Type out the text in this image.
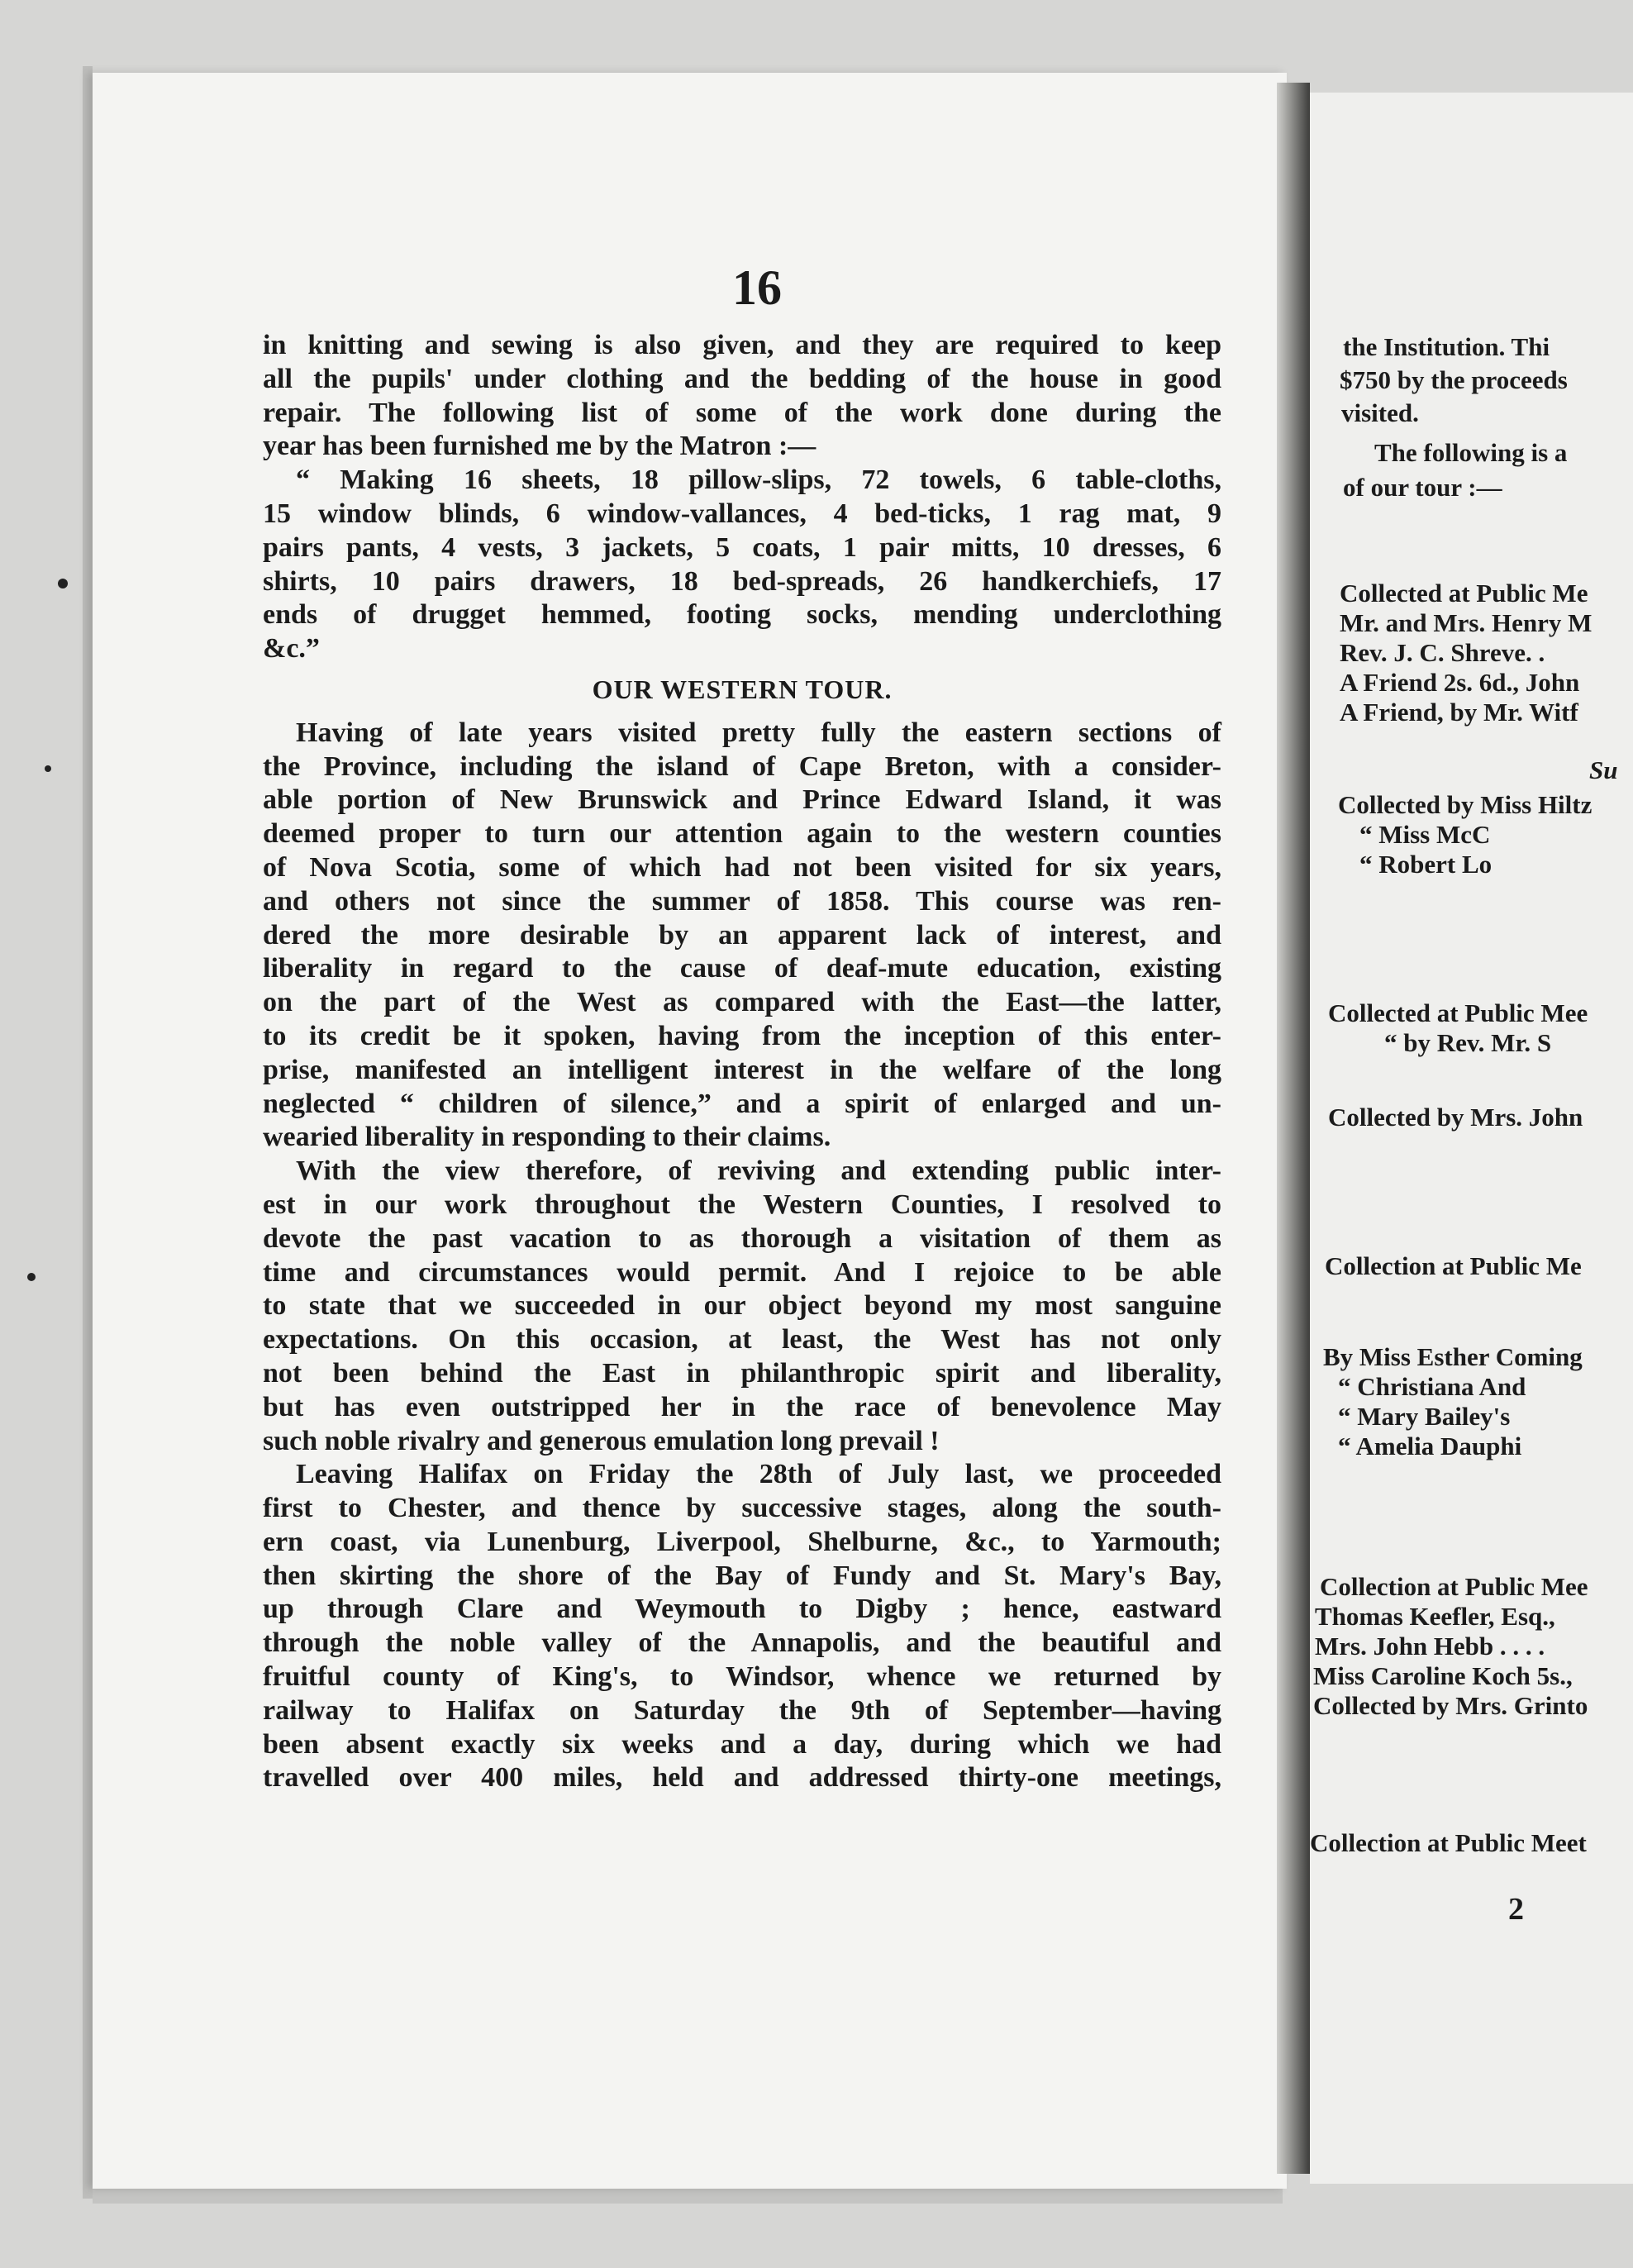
16
in knitting and sewing is also given, and they are required to keep
all the pupils' under clothing and the bedding of the house in good
repair. The following list of some of the work done during the
year has been furnished me by the Matron :—
“ Making 16 sheets, 18 pillow-slips, 72 towels, 6 table-cloths,
15 window blinds, 6 window-vallances, 4 bed-ticks, 1 rag mat, 9
pairs pants, 4 vests, 3 jackets, 5 coats, 1 pair mitts, 10 dresses, 6
shirts, 10 pairs drawers, 18 bed-spreads, 26 handkerchiefs, 17
ends of drugget hemmed, footing socks, mending underclothing
&c.”
OUR WESTERN TOUR.
Having of late years visited pretty fully the eastern sections of
the Province, including the island of Cape Breton, with a consider-
able portion of New Brunswick and Prince Edward Island, it was
deemed proper to turn our attention again to the western counties
of Nova Scotia, some of which had not been visited for six years,
and others not since the summer of 1858. This course was ren-
dered the more desirable by an apparent lack of interest, and
liberality in regard to the cause of deaf-mute education, existing
on the part of the West as compared with the East—the latter,
to its credit be it spoken, having from the inception of this enter-
prise, manifested an intelligent interest in the welfare of the long
neglected “ children of silence,” and a spirit of enlarged and un-
wearied liberality in responding to their claims.
With the view therefore, of reviving and extending public inter-
est in our work throughout the Western Counties, I resolved to
devote the past vacation to as thorough a visitation of them as
time and circumstances would permit. And I rejoice to be able
to state that we succeeded in our object beyond my most sanguine
expectations. On this occasion, at least, the West has not only
not been behind the East in philanthropic spirit and liberality,
but has even outstripped her in the race of benevolence May
such noble rivalry and generous emulation long prevail !
Leaving Halifax on Friday the 28th of July last, we proceeded
first to Chester, and thence by successive stages, along the south-
ern coast, via Lunenburg, Liverpool, Shelburne, &c., to Yarmouth;
then skirting the shore of the Bay of Fundy and St. Mary's Bay,
up through Clare and Weymouth to Digby ; hence, eastward
through the noble valley of the Annapolis, and the beautiful and
fruitful county of King's, to Windsor, whence we returned by
railway to Halifax on Saturday the 9th of September—having
been absent exactly six weeks and a day, during which we had
travelled over 400 miles, held and addressed thirty-one meetings,
the Institution. Thi
$750 by the proceeds
visited.
The following is a
of our tour :—
Collected at Public Me
Mr. and Mrs. Henry M
Rev. J. C. Shreve. .
A Friend 2s. 6d., John
A Friend, by Mr. Witf
Su
Collected by Miss Hiltz
“ Miss McC
“ Robert Lo
Collected at Public Mee
“ by Rev. Mr. S
Collected by Mrs. John
Collection at Public Me
By Miss Esther Coming
“ Christiana And
“ Mary Bailey's
“ Amelia Dauphi
Collection at Public Mee
Thomas Keefler, Esq.,
Mrs. John Hebb . . . .
Miss Caroline Koch 5s.,
Collected by Mrs. Grinto
Collection at Public Meet
2
